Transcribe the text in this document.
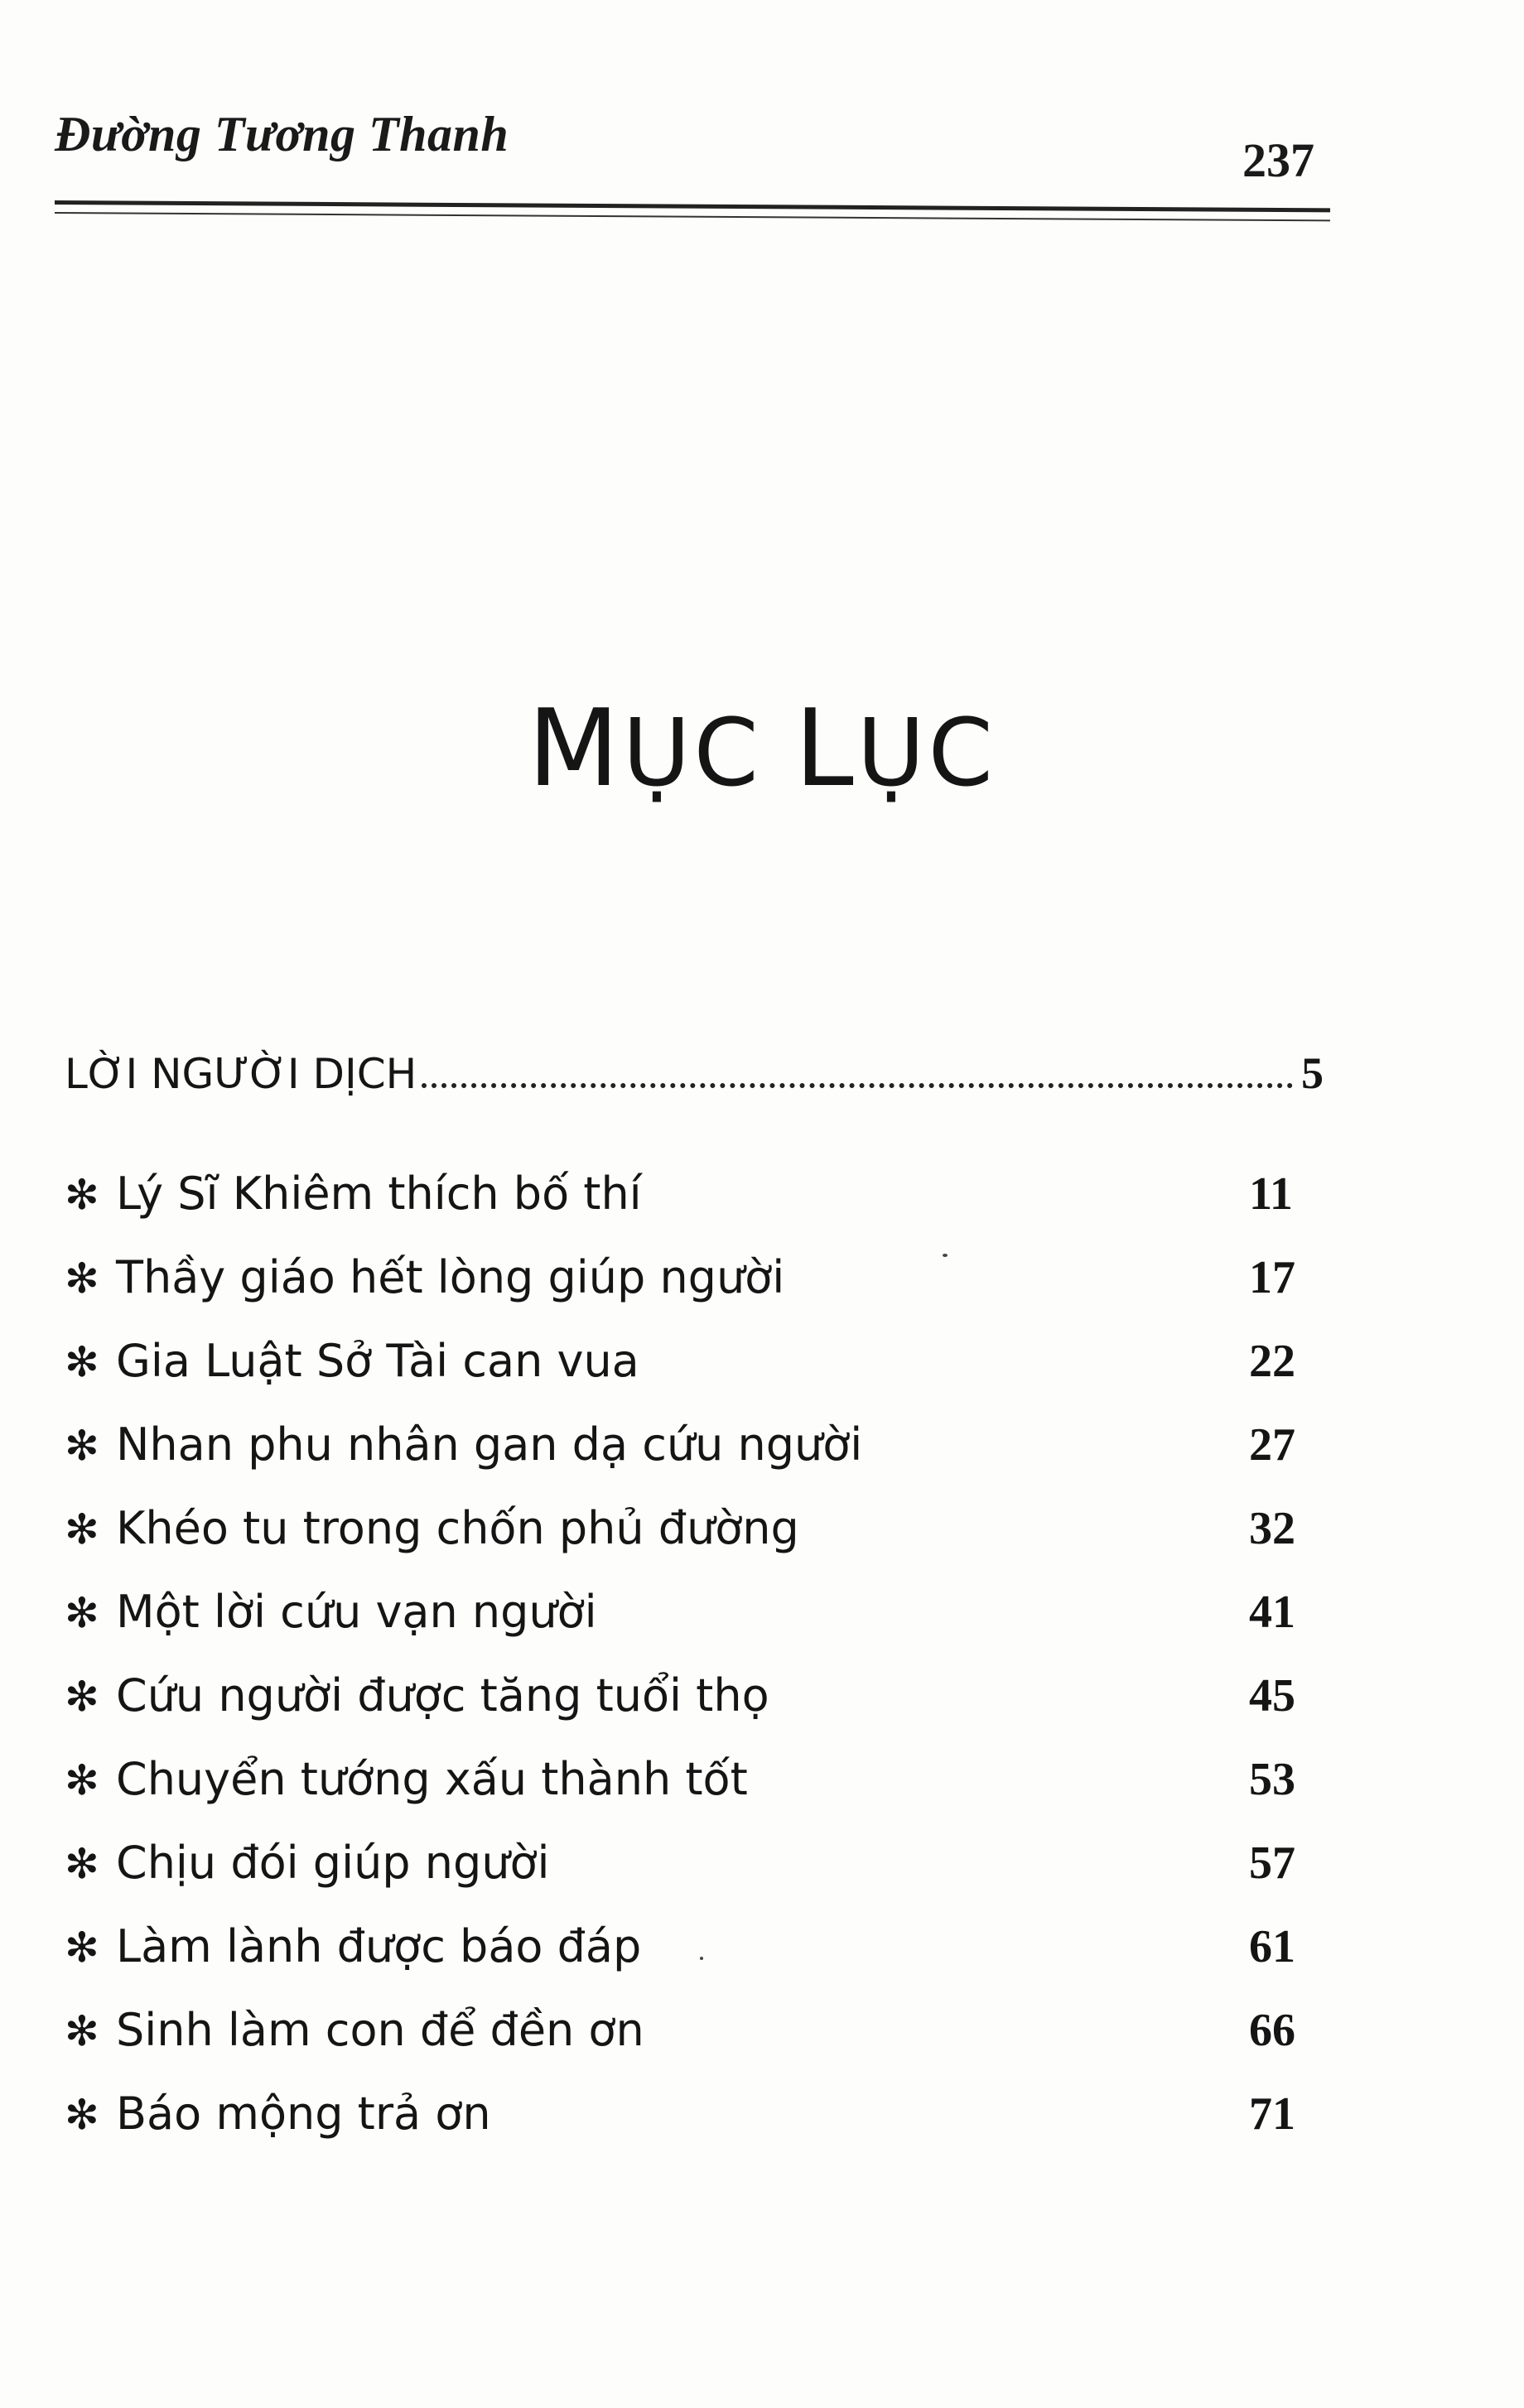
Đường Tương Thanh	237
MỤC LỤC
LỜI NGƯỜI DỊCH	5
✻ Lý Sĩ Khiêm thích bố thí	11
✻ Thầy giáo hết lòng giúp người	17
✻ Gia Luật Sở Tài can vua	22
✻ Nhan phu nhân gan dạ cứu người	27
✻ Khéo tu trong chốn phủ đường	32
✻ Một lời cứu vạn người	41
✻ Cứu người được tăng tuổi thọ	45
✻ Chuyển tướng xấu thành tốt	53
✻ Chịu đói giúp người	57
✻ Làm lành được báo đáp	61
✻ Sinh làm con để đền ơn	66
✻ Báo mộng trả ơn	71
